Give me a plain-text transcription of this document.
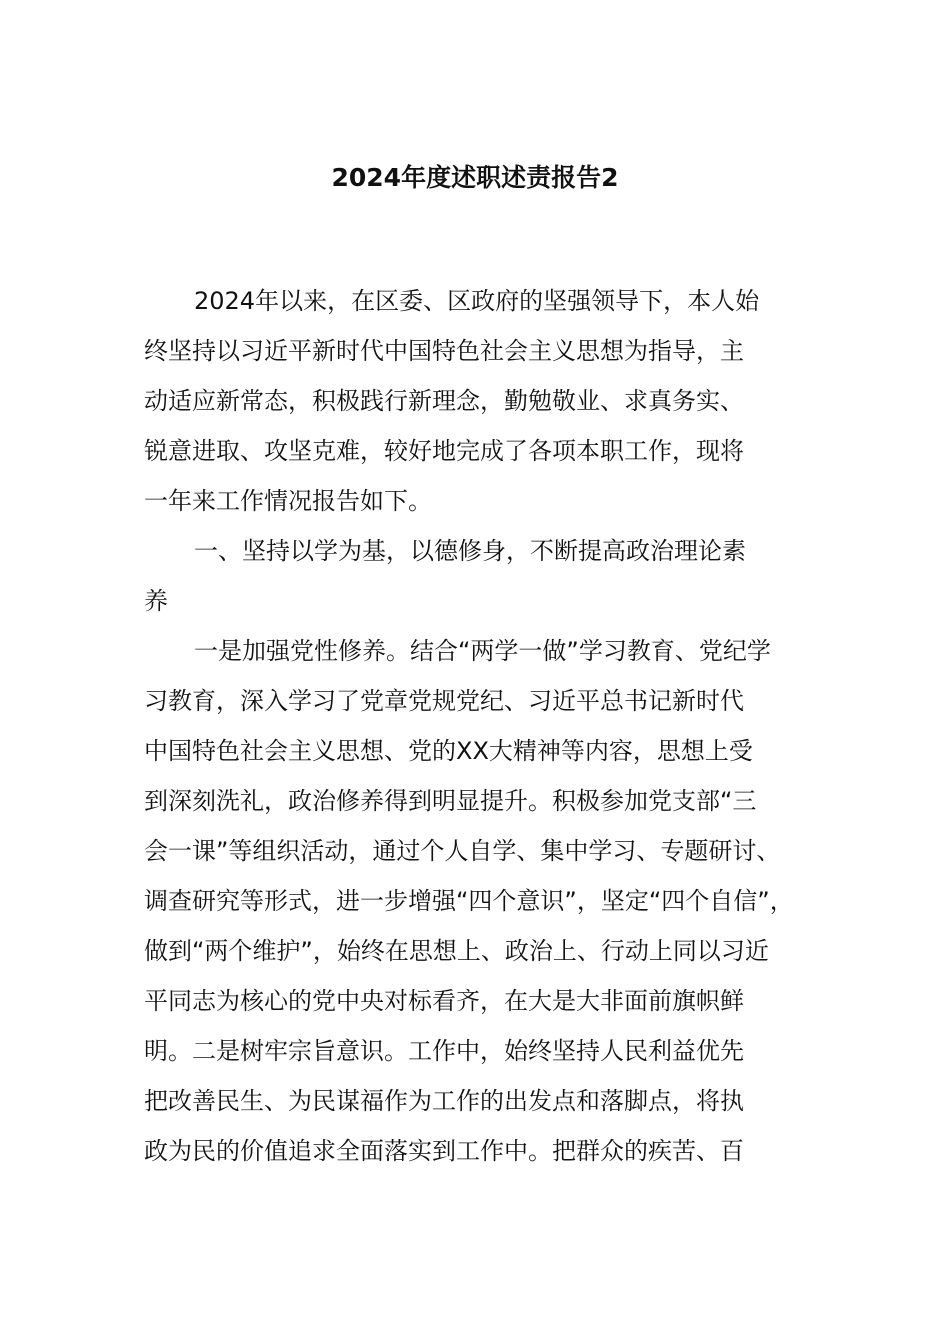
2024年度述职述责报告2

2024年以来，在区委、区政府的坚强领导下，本人始

终坚持以习近平新时代中国特色社会主义思想为指导，主

动适应新常态，积极践行新理念，勤勉敬业、求真务实、

锐意进取、攻坚克难，较好地完成了各项本职工作，现将

一年来工作情况报告如下。

一、坚持以学为基，以德修身，不断提高政治理论素

养

一是加强党性修养。结合“两学一做”学习教育、党纪学

习教育，深入学习了党章党规党纪、习近平总书记新时代

中国特色社会主义思想、党的XX大精神等内容，思想上受

到深刻洗礼，政治修养得到明显提升。积极参加党支部“三

会一课”等组织活动，通过个人自学、集中学习、专题研讨、

调查研究等形式，进一步增强“四个意识”，坚定“四个自信”，

做到“两个维护”，始终在思想上、政治上、行动上同以习近

平同志为核心的党中央对标看齐，在大是大非面前旗帜鲜

明。二是树牢宗旨意识。工作中，始终坚持人民利益优先

把改善民生、为民谋福作为工作的出发点和落脚点，将执

政为民的价值追求全面落实到工作中。把群众的疾苦、百
